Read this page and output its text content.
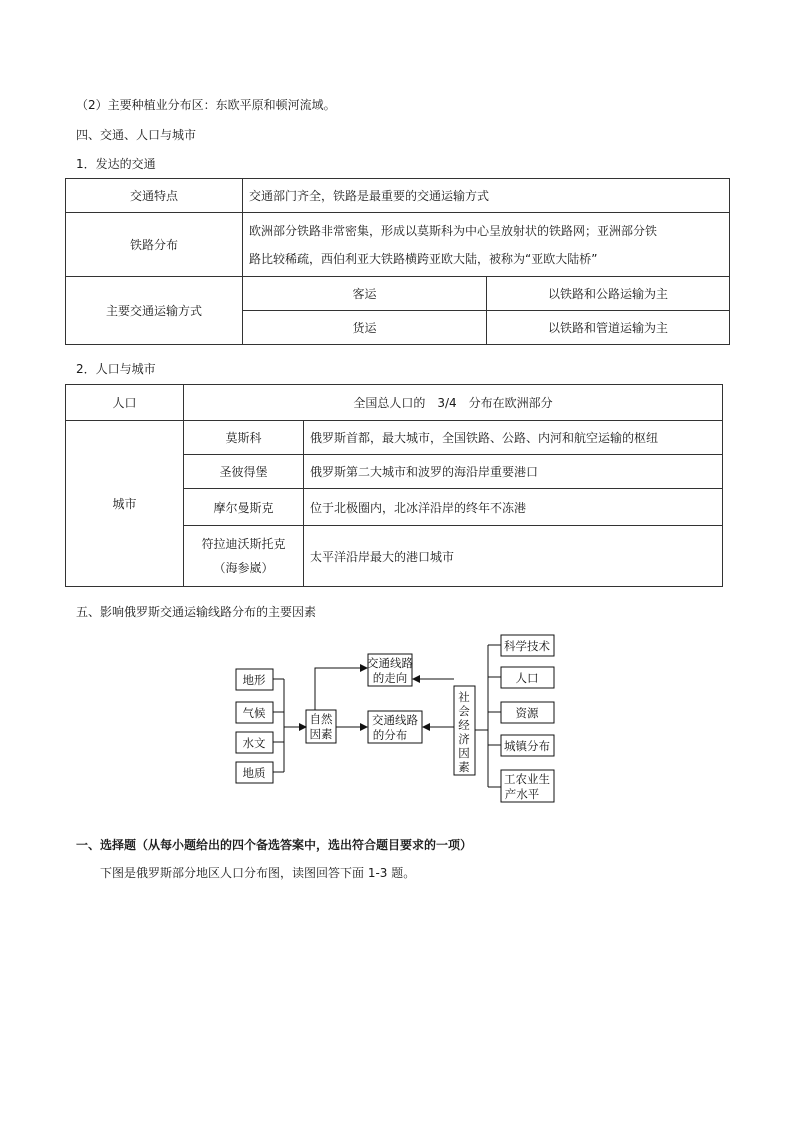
（2）主要种植业分布区：东欧平原和顿河流域。
四、交通、人口与城市
1．发达的交通
交通特点	交通部门齐全，铁路是最重要的交通运输方式	
铁路分布	欧洲部分铁路非常密集，形成以莫斯科为中心呈放射状的铁路网；亚洲部分铁
路比较稀疏，西伯利亚大铁路横跨亚欧大陆，被称为“亚欧大陆桥”	
主要交通运输方式	客运	以铁路和公路运输为主
	货运	以铁路和管道运输为主
2．人口与城市
人口	全国总人口的　3/4　分布在欧洲部分	
城市	莫斯科	俄罗斯首都，最大城市，全国铁路、公路、内河和航空运输的枢纽
	圣彼得堡	俄罗斯第二大城市和波罗的海沿岸重要港口
	摩尔曼斯克	位于北极圈内，北冰洋沿岸的终年不冻港
	符拉迪沃斯托克
（海参崴）	太平洋沿岸最大的港口城市
五、影响俄罗斯交通运输线路分布的主要因素
地形
气候
水文
地质
自然
因素
交通线路
的走向
交通线路
的分布
社
会
经
济
因
素
科学技术
人口
资源
城镇分布
工农业生
产水平
一、选择题（从每小题给出的四个备选答案中，选出符合题目要求的一项）
下图是俄罗斯部分地区人口分布图，读图回答下面 1-3 题。
